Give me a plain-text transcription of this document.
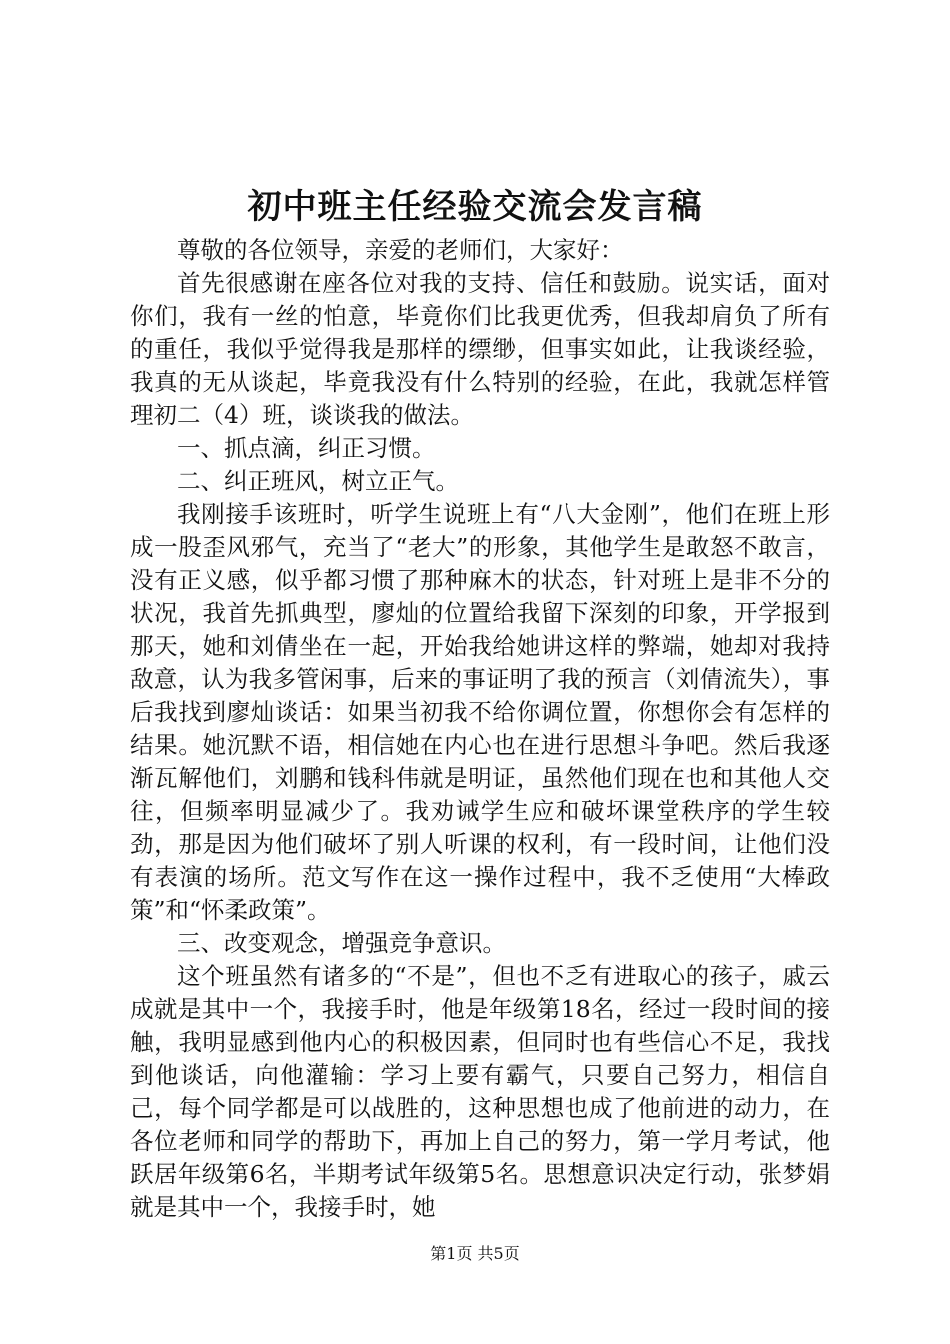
初中班主任经验交流会发言稿

尊敬的各位领导，亲爱的老师们，大家好：

首先很感谢在座各位对我的支持、信任和鼓励。说实话，面对你们，我有一丝的怕意，毕竟你们比我更优秀，但我却肩负了所有的重任，我似乎觉得我是那样的缥缈，但事实如此，让我谈经验，我真的无从谈起，毕竟我没有什么特别的经验，在此，我就怎样管理初二（4）班，谈谈我的做法。

一、抓点滴，纠正习惯。

二、纠正班风，树立正气。

我刚接手该班时，听学生说班上有“八大金刚”，他们在班上形成一股歪风邪气，充当了“老大”的形象，其他学生是敢怒不敢言，没有正义感，似乎都习惯了那种麻木的状态，针对班上是非不分的状况，我首先抓典型，廖灿的位置给我留下深刻的印象，开学报到那天，她和刘倩坐在一起，开始我给她讲这样的弊端，她却对我持敌意，认为我多管闲事，后来的事证明了我的预言（刘倩流失），事后我找到廖灿谈话：如果当初我不给你调位置，你想你会有怎样的结果。她沉默不语，相信她在内心也在进行思想斗争吧。然后我逐渐瓦解他们，刘鹏和钱科伟就是明证，虽然他们现在也和其他人交往，但频率明显减少了。我劝诫学生应和破坏课堂秩序的学生较劲，那是因为他们破坏了别人听课的权利，有一段时间，让他们没有表演的场所。范文写作在这一操作过程中，我不乏使用“大棒政策”和“怀柔政策”。

三、改变观念，增强竞争意识。

这个班虽然有诸多的“不是”，但也不乏有进取心的孩子，戚云成就是其中一个，我接手时，他是年级第18名，经过一段时间的接触，我明显感到他内心的积极因素，但同时也有些信心不足，我找到他谈话，向他灌输：学习上要有霸气，只要自己努力，相信自己，每个同学都是可以战胜的，这种思想也成了他前进的动力，在各位老师和同学的帮助下，再加上自己的努力，第一学月考试，他跃居年级第6名，半期考试年级第5名。思想意识决定行动，张梦娟就是其中一个，我接手时，她

第1页 共5页
